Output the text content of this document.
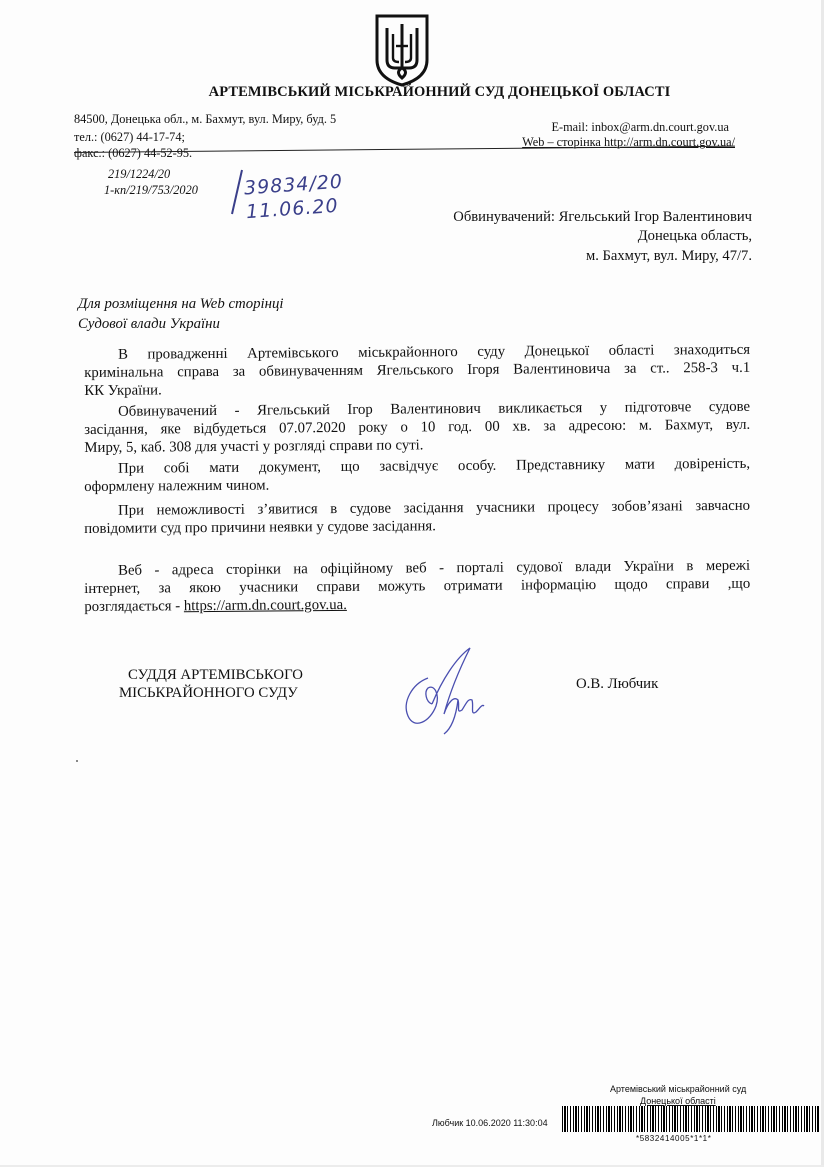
АРТЕМІВСЬКИЙ МІСЬКРАЙОННИЙ СУД ДОНЕЦЬКОЇ ОБЛАСТІ
84500, Донецька обл., м. Бахмут, вул. Миру, буд. 5
тел.: (0627) 44-17-74;
факс.: (0627) 44-52-95.
E-mail: inbox@arm.dn.court.gov.ua
Web – сторінка http://arm.dn.court.gov.ua/
219/1224/20
1-кп/219/753/2020 39834/20
11.06.20	Обвинувачений: Ягельський Ігор Валентинович
Донецька область,
м. Бахмут, вул. Миру, 47/7.
Для розміщення на Web сторінці
Судової влади України
В провадженні Артемівського міськрайонного суду Донецької області знаходиться
кримінальна справа за обвинуваченням Ягельського Ігоря Валентиновича за ст.. 258-3 ч.1
КК України.
Обвинувачений - Ягельський Ігор Валентинович викликається у підготовче судове
засідання, яке відбудеться 07.07.2020 року о 10 год. 00 хв. за адресою: м. Бахмут, вул.
Миру, 5, каб. 308 для участі у розгляді справи по суті.
При собі мати документ, що засвідчує особу. Представнику мати довіреність,
оформлену належним чином.
При неможливості з’явитися в судове засідання учасники процесу зобов’язані завчасно
повідомити суд про причини неявки у судове засідання.
Веб - адреса сторінки на офіційному веб - порталі судової влади України в мережі
інтернет, за якою учасники справи можуть отримати інформацію щодо справи ,що
розглядається - https://arm.dn.court.gov.ua.
СУДДЯ АРТЕМІВСЬКОГО
МІСЬКРАЙОННОГО СУДУ
О.В. Любчик
Артемівський міськрайонний суд
Донецької області
Любчик 10.06.2020 11:30:04
*5832414005*1*1*
